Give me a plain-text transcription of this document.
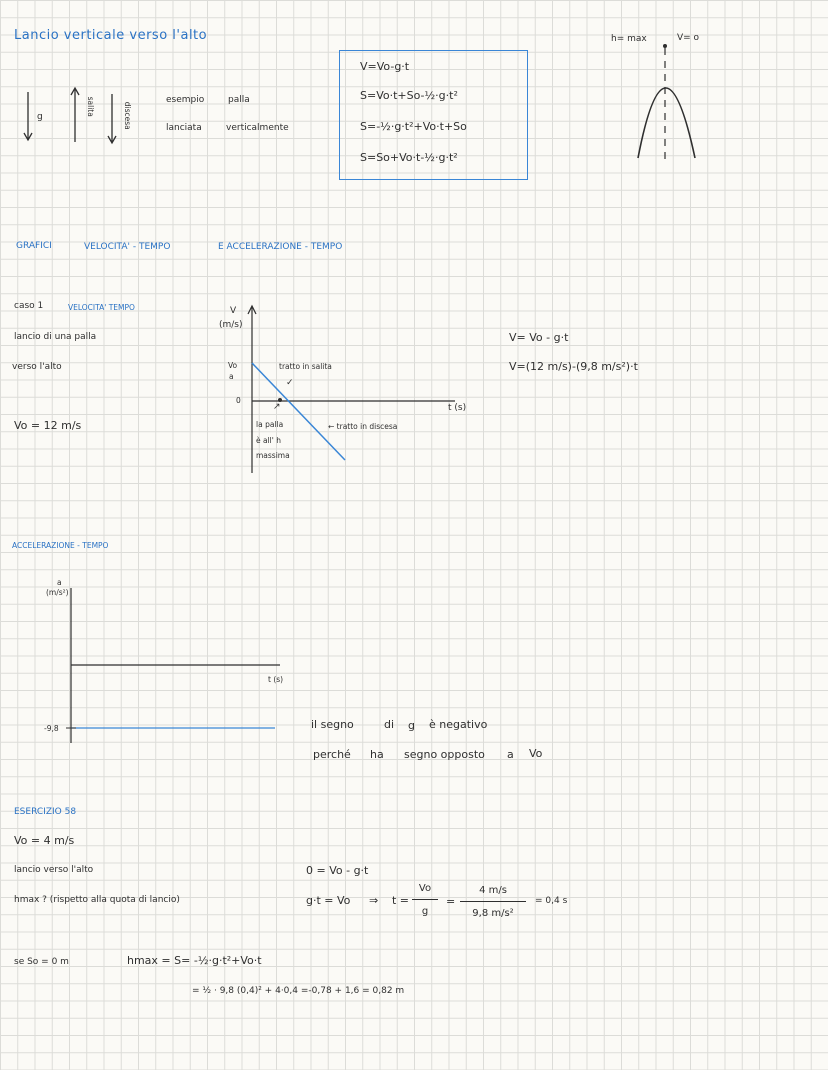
Lancio verticale verso l'alto	h= max	V= o
g
salita	discesa
esempio	palla
lanciata	verticalmente
V=Vo-g·t
S=Vo·t+So-½·g·t²
S=-½·g·t²+Vo·t+So
S=So+Vo·t-½·g·t²
GRAFICI	VELOCITA' - TEMPO	E ACCELERAZIONE - TEMPO
caso 1	VELOCITA' TEMPO
lancio di una palla
verso l'alto
Vo = 12 m/s
V
(m/s)
Vo
a
0
t (s)
tratto in salita
✓
↗
la palla
è all' h
massima
← tratto in discesa
V= Vo - g·t
V=(12 m/s)-(9,8 m/s²)·t
ACCELERAZIONE - TEMPO
a
(m/s²)
t (s)
-9,8	il segno	di g è negativo
perché ha segno opposto a Vo
ESERCIZIO 58
Vo = 4 m/s
lancio verso l'alto
hmax ? (rispetto alla quota di lancio)
0 = Vo - g·t
g·t = Vo ⇒ t =
Vo
g
=
4 m/s
9,8 m/s²
= 0,4 s
se So = 0 m	hmax = S= -½·g·t²+Vo·t
= ½ · 9,8 (0,4)² + 4·0,4 =-0,78 + 1,6 = 0,82 m
